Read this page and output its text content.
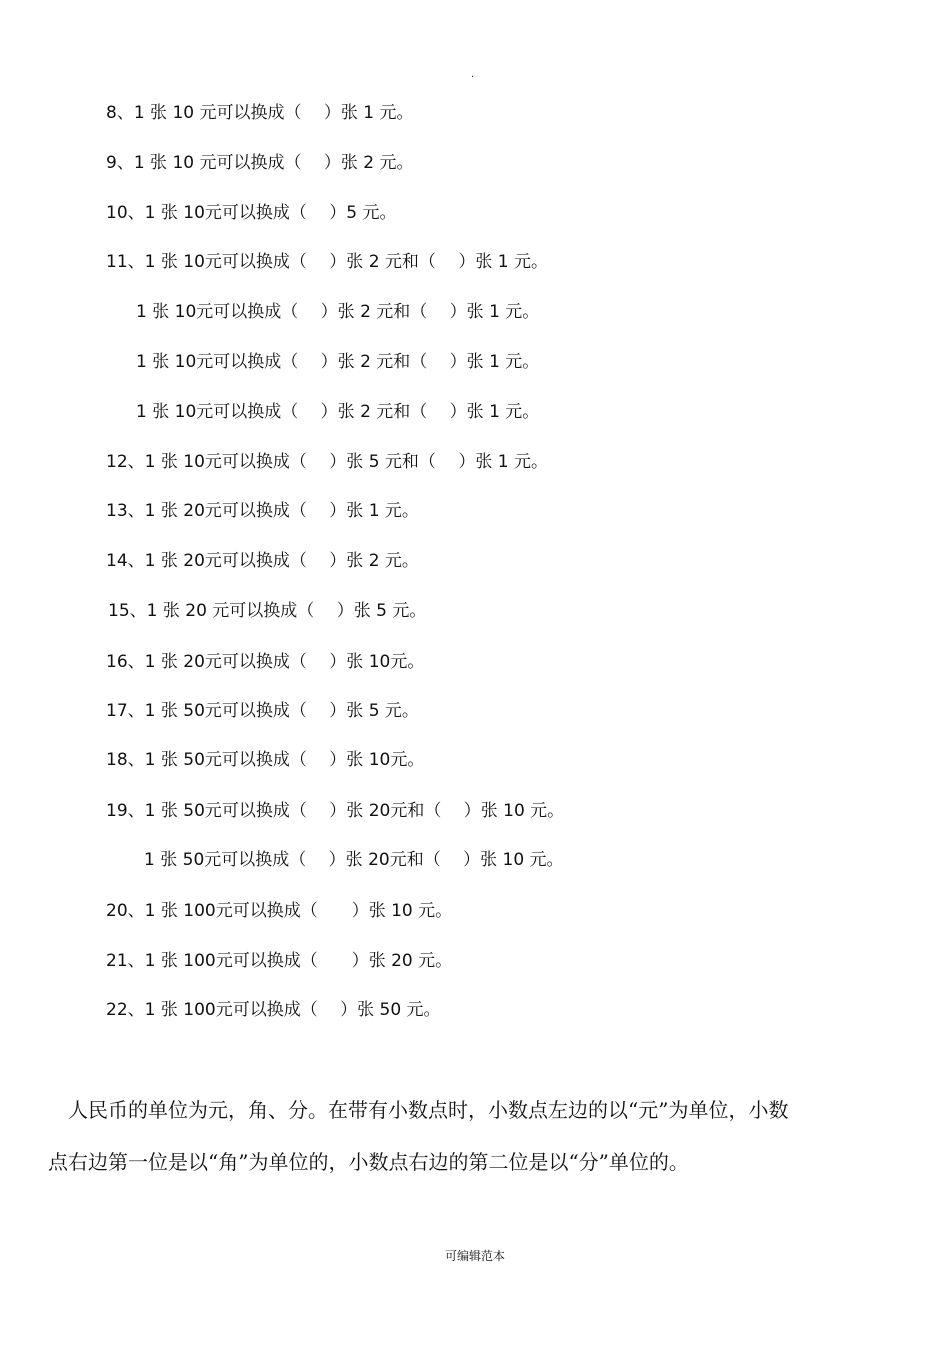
.
8、1 张 10 元可以换成（　 ）张 1 元。
9、1 张 10 元可以换成（　 ）张 2 元。
10、1 张 10元可以换成（　 ）5 元。
11、1 张 10元可以换成（　 ）张 2 元和（　 ）张 1 元。
1 张 10元可以换成（　 ）张 2 元和（　 ）张 1 元。
1 张 10元可以换成（　 ）张 2 元和（　 ）张 1 元。
1 张 10元可以换成（　 ）张 2 元和（　 ）张 1 元。
12、1 张 10元可以换成（　 ）张 5 元和（　 ）张 1 元。
13、1 张 20元可以换成（　 ）张 1 元。
14、1 张 20元可以换成（　 ）张 2 元。
15、1 张 20 元可以换成（　 ）张 5 元。
16、1 张 20元可以换成（　 ）张 10元。
17、1 张 50元可以换成（　 ）张 5 元。
18、1 张 50元可以换成（　 ）张 10元。
19、1 张 50元可以换成（　 ）张 20元和（　 ）张 10 元。
1 张 50元可以换成（　 ）张 20元和（　 ）张 10 元。
20、1 张 100元可以换成（　　）张 10 元。
21、1 张 100元可以换成（　　）张 20 元。
22、1 张 100元可以换成（　 ）张 50 元。
人民币的单位为元，角、分。在带有小数点时，小数点左边的以“元”为单位，小数
点右边第一位是以“角”为单位的，小数点右边的第二位是以“分”单位的。
可编辑范本
